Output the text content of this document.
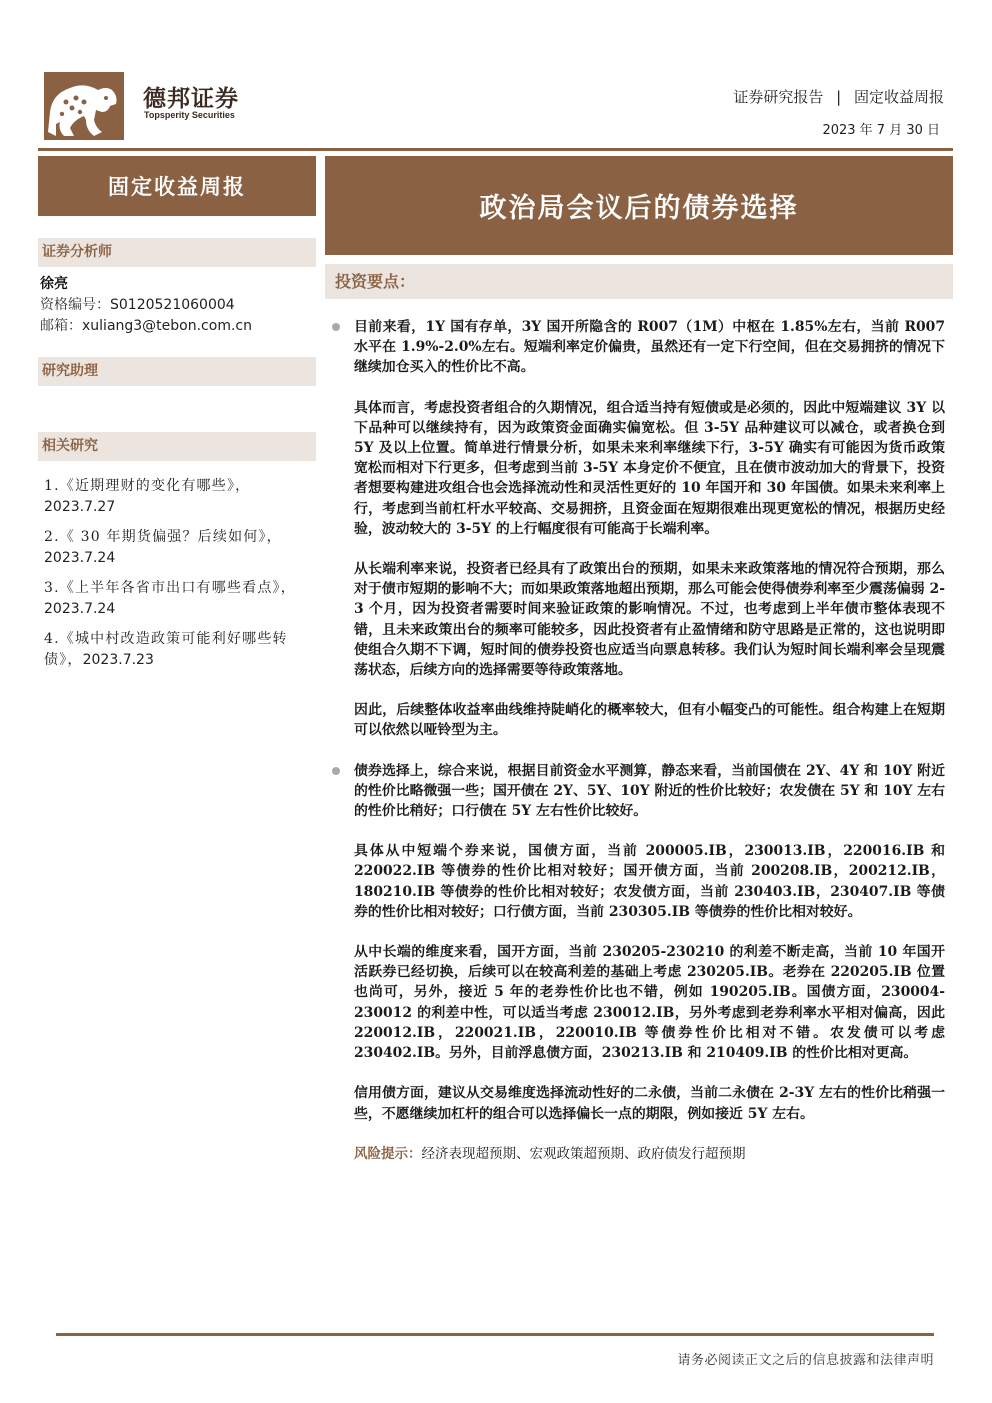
德邦证券
Topsperity Securities
证券研究报告 | 固定收益周报
2023 年 7 月 30 日
固定收益周报
政治局会议后的债券选择
证券分析师
徐亮
资格编号：S0120521060004
邮箱：xuliang3@tebon.com.cn
研究助理
相关研究
1.《近期理财的变化有哪些》，
2023.7.27
2.《 30 年期货偏强？后续如何》，
2023.7.24
3.《上半年各省市出口有哪些看点》，2023.7.24
4.《城中村改造政策可能利好哪些转债》，2023.7.23
投资要点：
目前来看，1Y 国有存单，3Y 国开所隐含的 R007（1M）中枢在 1.85%左右，当前 R007 水平在 1.9%-2.0%左右。短端利率定价偏贵，虽然还有一定下行空间，但在交易拥挤的情况下继续加仓买入的性价比不高。
具体而言，考虑投资者组合的久期情况，组合适当持有短债或是必须的，因此中短端建议 3Y 以下品种可以继续持有，因为政策资金面确实偏宽松。但 3-5Y 品种建议可以减仓，或者换仓到 5Y 及以上位置。简单进行情景分析，如果未来利率继续下行，3-5Y 确实有可能因为货币政策宽松而相对下行更多，但考虑到当前 3-5Y 本身定价不便宜，且在债市波动加大的背景下，投资者想要构建进攻组合也会选择流动性和灵活性更好的 10 年国开和 30 年国债。如果未来利率上行，考虑到当前杠杆水平较高、交易拥挤，且资金面在短期很难出现更宽松的情况，根据历史经验，波动较大的 3-5Y 的上行幅度很有可能高于长端利率。
从长端利率来说，投资者已经具有了政策出台的预期，如果未来政策落地的情况符合预期，那么对于债市短期的影响不大；而如果政策落地超出预期，那么可能会使得债券利率至少震荡偏弱 2-3 个月，因为投资者需要时间来验证政策的影响情况。不过，也考虑到上半年债市整体表现不错，且未来政策出台的频率可能较多，因此投资者有止盈情绪和防守思路是正常的，这也说明即使组合久期不下调，短时间的债券投资也应适当向票息转移。我们认为短时间长端利率会呈现震荡状态，后续方向的选择需要等待政策落地。
因此，后续整体收益率曲线维持陡峭化的概率较大，但有小幅变凸的可能性。组合构建上在短期可以依然以哑铃型为主。
债券选择上，综合来说，根据目前资金水平测算，静态来看，当前国债在 2Y、4Y 和 10Y 附近的性价比略微强一些；国开债在 2Y、5Y、10Y 附近的性价比较好；农发债在 5Y 和 10Y 左右的性价比稍好；口行债在 5Y 左右性价比较好。
具体从中短端个券来说，国债方面，当前 200005.IB，230013.IB，220016.IB 和 220022.IB 等债券的性价比相对较好；国开债方面，当前 200208.IB，200212.IB，180210.IB 等债券的性价比相对较好；农发债方面，当前 230403.IB，230407.IB 等债券的性价比相对较好；口行债方面，当前 230305.IB 等债券的性价比相对较好。
从中长端的维度来看，国开方面，当前 230205-230210 的利差不断走高，当前 10 年国开活跃券已经切换，后续可以在较高利差的基础上考虑 230205.IB。老券在 220205.IB 位置也尚可，另外，接近 5 年的老券性价比也不错，例如 190205.IB。国债方面，230004-230012 的利差中性，可以适当考虑 230012.IB，另外考虑到老券利率水平相对偏高，因此 220012.IB，220021.IB，220010.IB 等债券性价比相对不错。农发债可以考虑 230402.IB。另外，目前浮息债方面，230213.IB 和 210409.IB 的性价比相对更高。
信用债方面，建议从交易维度选择流动性好的二永债，当前二永债在 2-3Y 左右的性价比稍强一些，不愿继续加杠杆的组合可以选择偏长一点的期限，例如接近 5Y 左右。
风险提示：经济表现超预期、宏观政策超预期、政府债发行超预期
请务必阅读正文之后的信息披露和法律声明
